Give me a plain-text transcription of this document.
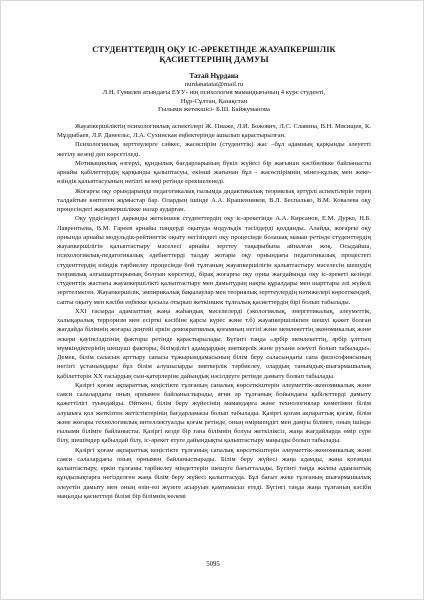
СТУДЕНТТЕРДІҢ ОҚУ ІС-ӘРЕКЕТІНДЕ ЖАУАПКЕРШІЛІК ҚАСИЕТТЕРІНІҢ ДАМУЫ
Татай Нұрдана
nurdanatatai@mail.ru
Л.Н. Гумилев атындағы ЕҰУ- нің психология мамандығының 4 курс студенті,
Нұр-Сұлтан, Қазақстан
Ғылыми жетекшісі- Б.Ш. Байжуманова

Жауапкершіліктің психологиялық аспектілері Ж. Пиаже, Л.И. Божович, Л.С. Славина, В.Н. Мясищев, К. Мұздыбаев, Л.Р. Данеельс, Л.А. Сухинская еңбектерінде ашылып қарастырылған.

Психологиялық зерттеулерге сәйкес, жасөспірім (студенттік) жас –бұл адамның қарқынды әлеуетті жетілу кезеңі деп көрсетіледі.

Мотивациялық өзгеруі, құндылық бағдарларының бүкіл жүйесі бір жағынан кәсібилікке байланысты арнайы қабілеттердің қарқынды қалыптасуы, екінші жағынан бұл - жасөспірімнің мінез-құлық мен жеке-өзіндік қалыптасуының негізгі кезеңі ретінде ерекшеленеді.

Жоғарғы оқу орындарында педагогикалық ғылымда дидактикалық теориялық әртүрлі аспектілерін терең талдайтын көптеген жұмыстар бар. Олардың ішінде А.А. Крашенников, В.Л. Беспалько, В.М. Ковалева оқу процесіндегі жауапкершілікке назар аударған.

Оқу үрдісіндегі дарынды жеткіншек студенттердің оқу іс-әрекетінде А.А. Кирсанов, Е.М. Дурко, Н.Б. Лаврентьева, В.М. Гареев арнайы пәндерді оқытуда модульдік тәсілдерді қолданды. Алайда, жоғарғы оқу орнында арнайы модульдік-рейтингтік оқыту негізіндегі оқу процесінде болашақ маман ретінде студенттердің жауапкершілігін қалыптастыру мәселесі арнайы зерттеу тақырыбына айналған жоқ. Осыдайша, психологиялық-педагогикалық әдебиеттерді талдау жоғары оқу орнындағы педагогикалық процестегі студенттердің өзіндік тәрбиелеу процесінде бой тұлғаның жауапкершілігін қалыптастыру мәселесін шешудің теориялық алғышарттарының болуын көрсетеді, бірақ жоғарғы оқу орны жағдайында оқу іс-әрекеті кезінде студенттік жастағы жауапкершілікті қалыптастыру мен дамытудың нақты құралдары мен шарттары әлі жүйелі зерттелмеген. Жауапкершілік, эмпирикалық бақылаулар мен теориялық зерттеулердің нәтижелері көрсеткендей, сапты оқыту мен кәсіби еңбекке қосыла отырып жеткіншек тұлғалық қасиеттердің бірі болып табылады.

ХХІ ғасырда адамзаттың жаңа жаһандық мәселелерді (экологиялық, энергетикалық, әлеуметтік, халықаралық терроризм мен есірткі кәсібіне қарсы күрес және т.б) жауапкершілікпен шешуі қажет болған жағдайда білімнің жоғары деңгейі еркін демократиялық қоғамның негізі және мемлекеттің экономикалық және әскери қауіпсіздігінің факторы ретінде қарастырылады. Бүгінгі таңда «әрбір мемлекеттің, әрбір ұлттың мүмкіндіктерінің шешуші факторы, білімділігі адамдардың зияткерлік және рухани әлеуеті болып табылады». Демек, білім саласын арттыру сапасы тұжырымдамасының білім беру саласындағы сапа философиясының негізгі ұстанымдары бұл білім алушыларды зияткерлік тәрбиелеу, олардың танымдық-шығармашылық қабілеттерін ХХ ғасырдың сын-қатерлеріне дайындық нәсілдеуге ретінде дамыту болып табылады.

Қазіргі қоғам ақпараттық кеңістікте тұлғаның сапалық көрсеткіштерін әлеуметтік-экономикалық және саяси салалардағы оның орнымен байланыстырады, яғни әр тұлғаның бойындағы қабілеттерді дамыту қажеттілігі туындайды. Өйткені, білім беру жүйесінің мамандарға және технологиялар көмегімен білім алушыға қол жеткізген жетістіктерінің бағдарламасы болып табылады. Қазіргі қоғам ақпараттық қоғам, білім және жоғары технологиялық интеллектуалды қоғам ретінде, оның өміршеңдігі мен дамуы білімге, оның ішінде ғылыми білімге байланысты. Қазіргі кезде бір ғана білімнің болуы жеткіліксіз, жаңа жағдайларда өмір сүре білу, шешімдер қабылдай білу, іс-әрекет етуге дайындықты қалыптастыру маңызды болып табылады.

Қазіргі қоғам ақпараттық кеңістікте тұлғаның сапалық көрсеткіштерін әлеуметтік-экономикалық және саяси салалардағы оның орнымен байланыстырады. Білім беру жүйесі жаңа адамды, жаңа қоғамды қалыптастыру, еркін тұлғаны тәрбиелеу міндеттерін шешуге бағытталады. Бүгінгі таңда жалпы адамзаттық құндылықтарға негізделген жаңа білім беру жүйесі қалыптасуда. Бұл бағыт жеке тұлғаның шығармашылық әлеуетін дамыту мен оның өзін-өзі жүзеге асыруын қамтамасыз етеді. Бүгінгі таңда жаңа тұлғаның кәсіби маңызды қасиеттері білімі бір білімнің көлемі

5095
